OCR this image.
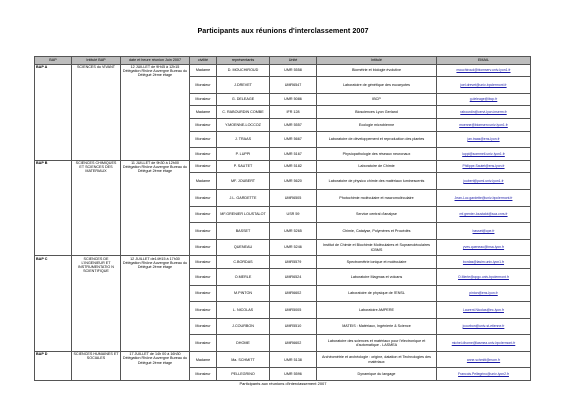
Participants aux réunions d'interclassement 2007
BAP	Intitulé BAP	date et heure réunion Juin 2007	civilité	représentants	Unité	Intitulé	EMAIL
BAP A	SCIENCES du VIVANT	12 JUILLET de 9H45 à 12h15 Délégation Rhône Auvergne Bureau du Délégué 2ème étage	Madame	D. MOUCHIROUD	UMR 5558	Biométrie et biologie évolutive	mouchiroud@biomserv.univ-lyon1.fr
			Monsieur	J.DREVET	UMR6547	Laboratoire de génétique des eucaryotes	joel.drevet@univ-bpclermont.fr
			Monsieur	G. DELEAGE	UMR 5086	IBCP	g.deleage@ibcp.fr
			Madame	C. RABOURDIN COMBE	IFR 128	Biosciences Lyon Gerland	rabourdin@cervi-lyon.inserm.fr
			Monsieur	Y.MOENNE-LOCCOZ	UMR 5557	Ecologie microbienne	moenne@biomserv.univ-lyon1.fr
			Monsieur	J. TRAAS	UMR 5667	Laboratoire de développement et reproduction des plantes	jan.traas@ens-lyon.fr
			Monsieur	P. LUPPI	UMR 5167	Physiopathologie des réseaux neuronaux	luppi@sommeil.univ-lyon1.fr
BAP B	SCIENCES CHIMIQUES ET SCIENCES DES MATERIAUX	11 JUILLET de 9h30 à 12h00 Délégation Rhône Auvergne Bureau du Délégué 2ème étage	Monsieur	P. SAUTET	UMR 5182	Laboratoire de Chimie	Philippe.Sautet@ens-lyon.fr
			Madame	MF. JOUBERT	UMR 5620	Laboratoire de physico chimie des matériaux luminescents	joubert@pcml.univ-lyon1.fr
			Monsieur	J.L. GARDETTE	UMR6505	Photochimie moléculaire et macromoléculaire	Jean-Luc.gardette@univ-bpclermont.fr
			Monsieur	MF.GRENIER LOUSTALOT	USR 59	Service central d'analyse	mf.grenier-loustalot@sca.cnrs.fr
			Monsieur	BASSET	UMR 5265	Chimie, Catalyse, Polymères et Procédés	basset@cpe.fr
			Monsieur	QUENEAU	UMR 5246	Institut de Chimie et Biochimie Moléculaires et Supramoléculaires ICBMS	yves.queneau@insa-lyon.fr
BAP C	SCIENCES DE L'INGENIEUR ET INSTRUMENTATIO N SCIENTIFIQUE	12 JUILLET de14H15 à 17h30 Délégation Rhône Auvergne Bureau du Délégué 2ème étage	Monsieur	C.BORDAS	UMR5579	Spectrométrie ionique et moléculaire	bordas@lasim.univ-lyon1.fr
			Monsieur	O.MERLE	UMR6524	Laboratoire Magmas et volcans	O.Merle@opgc.univ-bpclermont.fr
			Monsieur	M.PINTON	UMR6602	Laboratoire de physique de l'ENSL	pinton@ens-lyon.fr
			Monsieur	L. NICOLAS	UMR5005	Laboratoire AMPERE	Laurent.Nicolas@ec-lyon.fr
			Monsieur	J.COURBON	UMR5510	MATEIS : Matériaux, Ingénierie & Science	jcourbon@univ-st-etienne.fr
			Monsieur	DHOME	UMR6602	Laboratoire des sciences et matériaux pour l'électronique et d'automatique - LASMEA	michel.dhome@lasmea.univ-bpclermont.fr
BAP D	SCIENCES HUMAINES ET SOCIALES	17 JUILLET de 14h 00 à 16h30 Délégation Rhône Auvergne Bureau du Délégué 2ème étage	Madame	Ma. SCHMITT	UMR 5138	Archéométrie et archéologie : origine, datation et Technologies des matériaux	anne.schmitt@mom.fr
			Monsieur	PELLEGRINO	UMR 5596	Dynamique du langage	Francois.Pellegrino@univ-lyon2.fr
Participants aux réunions d'interclassement 2007
